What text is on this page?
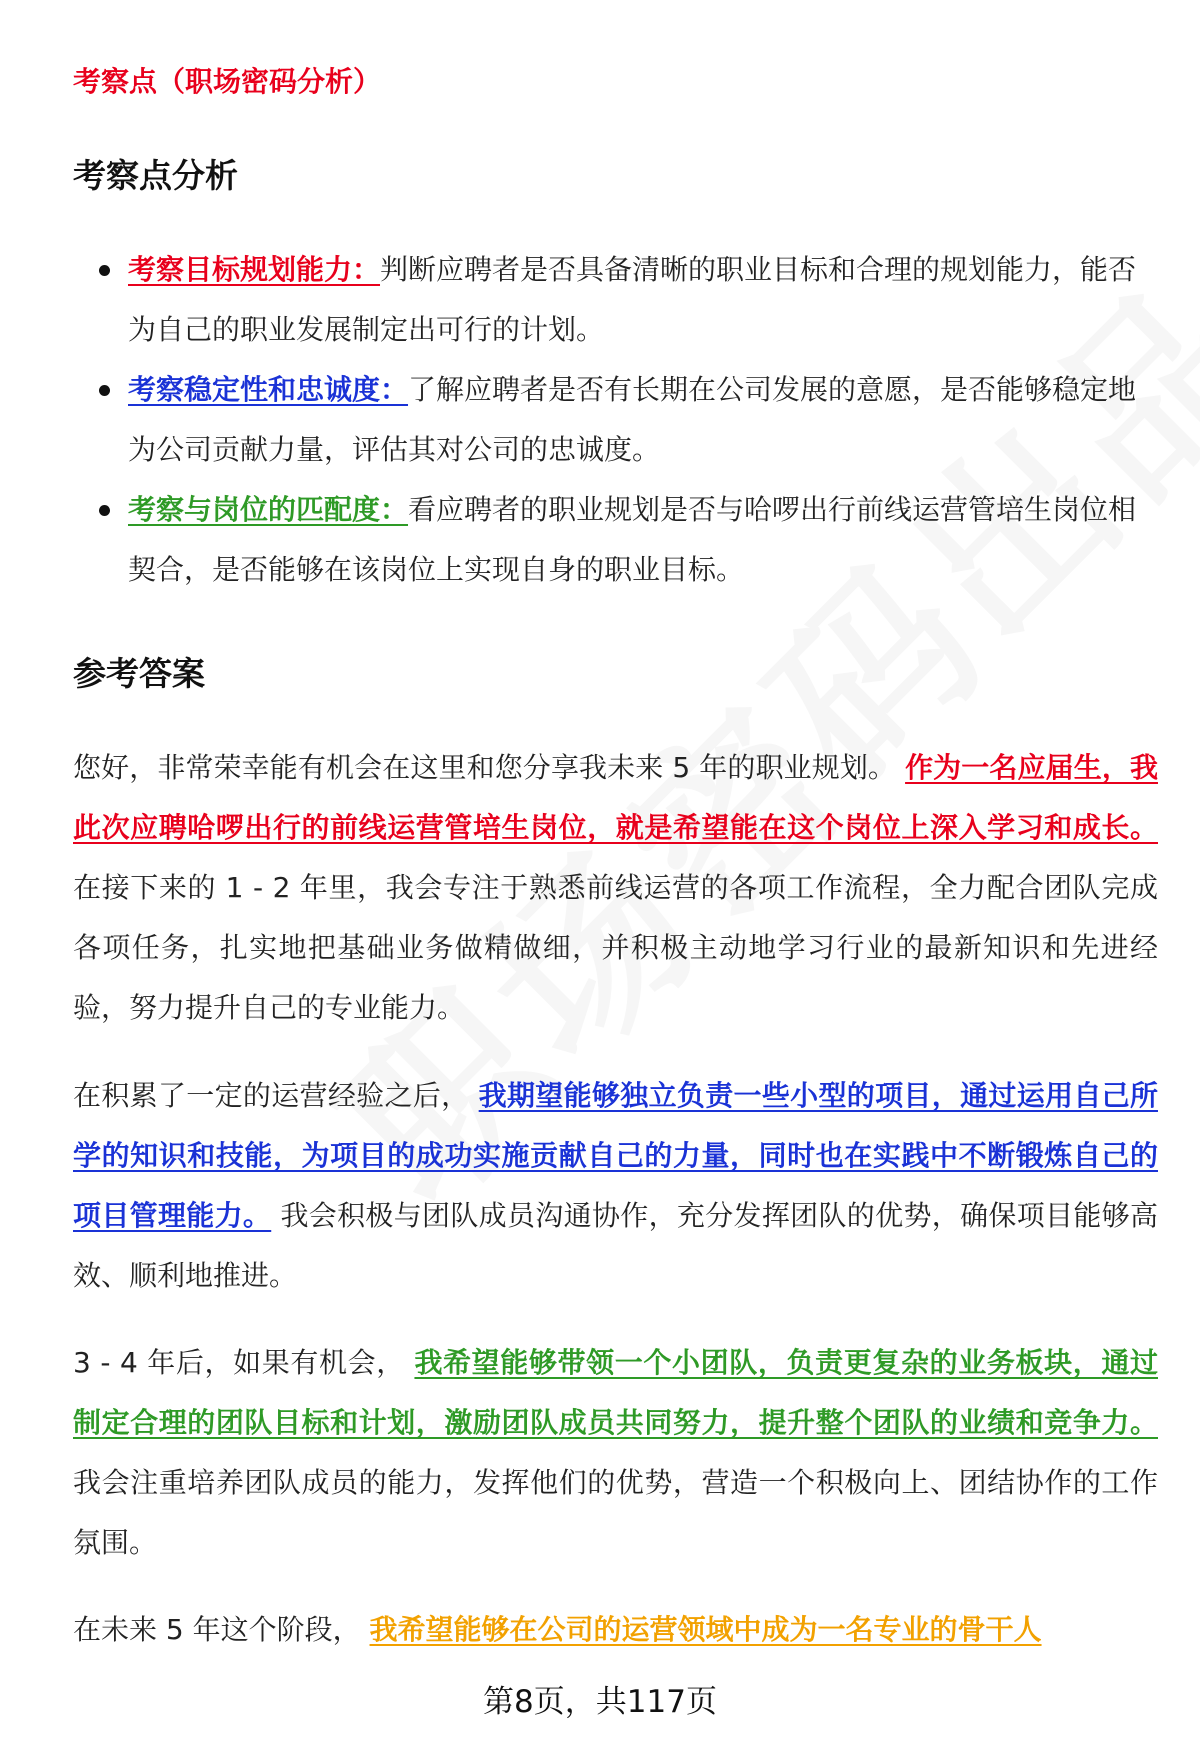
考察点（职场密码分析）
考察点分析
考察目标规划能力：判断应聘者是否具备清晰的职业目标和合理的规划能力，能否为自己的职业发展制定出可行的计划。
考察稳定性和忠诚度：了解应聘者是否有长期在公司发展的意愿，是否能够稳定地为公司贡献力量，评估其对公司的忠诚度。
考察与岗位的匹配度：看应聘者的职业规划是否与哈啰出行前线运营管培生岗位相契合，是否能够在该岗位上实现自身的职业目标。
参考答案

您好，非常荣幸能有机会在这里和您分享我未来 5 年的职业规划。 作为一名应届生，我此次应聘哈啰出行的前线运营管培生岗位，就是希望能在这个岗位上深入学习和成长。 在接下来的 1 - 2 年里，我会专注于熟悉前线运营的各项工作流程，全力配合团队完成各项任务，扎实地把基础业务做精做细，并积极主动地学习行业的最新知识和先进经验，努力提升自己的专业能力。

在积累了一定的运营经验之后， 我期望能够独立负责一些小型的项目，通过运用自己所学的知识和技能，为项目的成功实施贡献自己的力量，同时也在实践中不断锻炼自己的项目管理能力。 我会积极与团队成员沟通协作，充分发挥团队的优势，确保项目能够高效、顺利地推进。

3 - 4 年后，如果有机会， 我希望能够带领一个小团队，负责更复杂的业务板块，通过制定合理的团队目标和计划，激励团队成员共同努力，提升整个团队的业绩和竞争力。 我会注重培养团队成员的能力，发挥他们的优势，营造一个积极向上、团结协作的工作氛围。

在未来 5 年这个阶段， 我希望能够在公司的运营领域中成为一名专业的骨干人

第8页，共117页
